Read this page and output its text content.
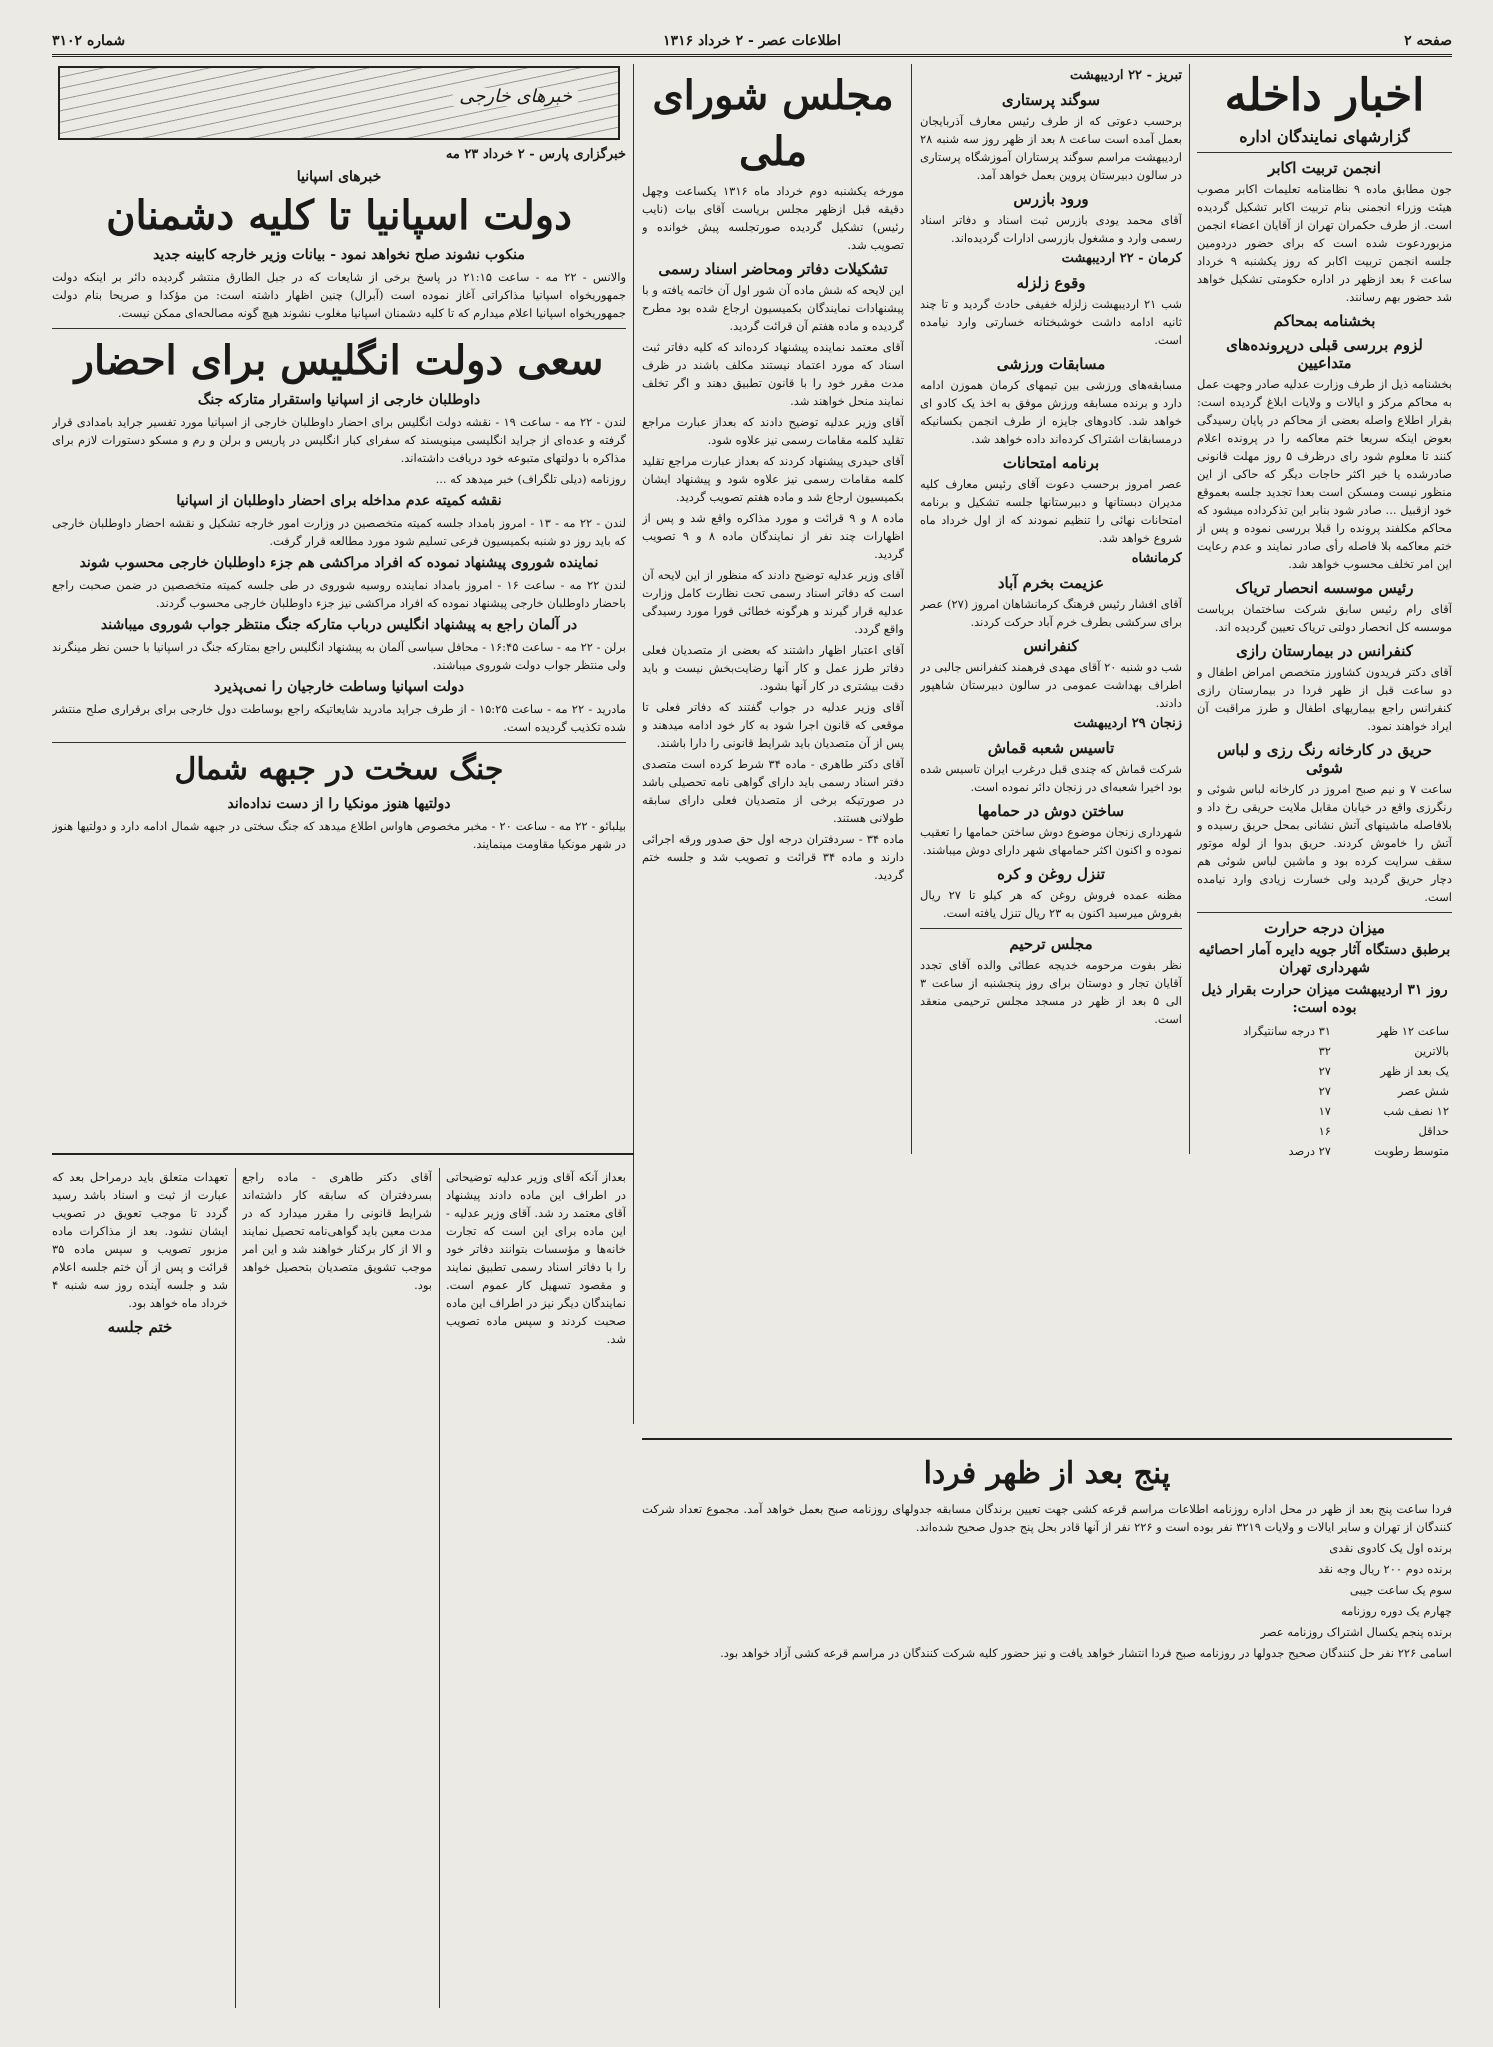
صفحه ۲
اطلاعات عصر - ۲ خرداد ۱۳۱۶
شماره ۳۱۰۲
اخبار داخله
گزارشهای نمایندگان اداره
انجمن تربیت اکابر

جون مطابق ماده ۹ نظامنامه تعلیمات اکابر مصوب هیئت وزراء انجمنی بنام تربیت اکابر تشکیل گردیده است. از طرف حکمران تهران از آقایان اعضاء انجمن مزبوردعوت شده است که برای حضور دردومین جلسه انجمن تربیت اکابر که روز یکشنبه ۹ خرداد ساعت ۶ بعد ازظهر در اداره حکومتی تشکیل خواهد شد حضور بهم رسانند.

بخشنامه بمحاکم
لزوم بررسی قبلی درپرونده‌های متداعیین

بخشنامه ذیل از طرف وزارت عدلیه صادر وجهت عمل به محاکم مرکز و ایالات و ولایات ابلاغ گردیده است: بقرار اطلاع واصله بعضی از محاکم در پایان رسیدگی بعوض اینکه سریعا ختم معاکمه را در پرونده اعلام کنند تا معلوم شود رای درظرف ۵ روز مهلت قانونی صادرشده یا خیر اکثر حاجات دیگر که حاکی از این منظور نیست ومسکن است بعدا تجدید جلسه بعموقع خود ازقبیل ... صادر شود بنابر این تذکرداده میشود که محاکم مکلفند پرونده را قبلا بررسی نموده و پس از ختم معاکمه بلا فاصله رأی صادر نمایند و عدم رعایت این امر تخلف محسوب خواهد شد.

رئیس موسسه انحصار تریاک

آقای رام رئیس سابق شرکت ساختمان بریاست موسسه کل انحصار دولتی تریاک تعیین گردیده اند.

کنفرانس در بیمارستان رازی

آقای دکتر فریدون کشاورز متخصص امراض اطفال و دو ساعت قبل از ظهر فردا در بیمارستان رازی کنفرانس راجع بیماریهای اطفال و طرز مراقبت آن ایراد خواهند نمود.

حریق در کارخانه رنگ رزی و لباس شوئی

ساعت ۷ و نیم صبح امروز در کارخانه لباس شوئی و رنگرزی واقع در خیابان مقابل ملایت حریقی رخ داد و بلافاصله ماشینهای آتش نشانی بمحل حریق رسیده و آتش را خاموش کردند. حریق بدوا از لوله موتور سقف سرایت کرده بود و ماشین لباس شوئی هم دچار حریق گردید ولی خسارت زیادی وارد نیامده است.

میزان درجه حرارت
برطبق دستگاه آثار جویه دایره آمار احصائیه شهرداری تهران
روز ۳۱ اردیبهشت میزان حرارت بقرار ذیل بوده است:
ساعت ۱۲ ظهر	۳۱ درجه سانتیگراد
بالاترین	۳۲
یک بعد از ظهر	۲۷
شش عصر	۲۷
۱۲ نصف شب	۱۷
حداقل	۱۶
متوسط رطوبت	۲۷ درصد
تبریز - ۲۲ اردیبهشت
سوگند پرستاری

برحسب دعوتی که از طرف رئیس معارف آذربایجان بعمل آمده است ساعت ۸ بعد از ظهر روز سه شنبه ۲۸ اردیبهشت مراسم سوگند پرستاران آموزشگاه پرستاری در سالون دبیرستان پروین بعمل خواهد آمد.

ورود بازرس

آقای محمد یودی بازرس ثبت اسناد و دفاتر اسناد رسمی وارد و مشغول بازرسی ادارات گردیده‌اند.

کرمان - ۲۲ اردیبهشت
وقوع زلزله

شب ۲۱ اردیبهشت زلزله خفیفی حادث گردید و تا چند ثانیه ادامه داشت خوشبختانه خسارتی وارد نیامده است.

مسابقات ورزشی

مسابقه‌های ورزشی بین تیمهای کرمان هموزن ادامه دارد و برنده مسابقه ورزش موفق به اخذ یک کادو ای خواهد شد. کادوهای جایزه از طرف انجمن بکسانیکه درمسابقات اشتراک کرده‌اند داده خواهد شد.

برنامه امتحانات

عصر امروز برحسب دعوت آقای رئیس معارف کلیه مدیران دبستانها و دبیرستانها جلسه تشکیل و برنامه امتحانات نهائی را تنظیم نمودند که از اول خرداد ماه شروع خواهد شد.

کرمانشاه
عزیمت بخرم آباد

آقای افشار رئیس فرهنگ کرمانشاهان امروز (۲۷) عصر برای سرکشی بطرف خرم آباد حرکت کردند.

کنفرانس

شب دو شنبه ۲۰ آقای مهدی فرهمند کنفرانس جالبی در اطراف بهداشت عمومی در سالون دبیرستان شاهپور دادند.

زنجان ۲۹ اردیبهشت
تاسیس شعبه قماش

شرکت قماش که چندی قبل درغرب ایران تاسیس شده بود اخیرا شعبه‌ای در زنجان دائر نموده است.

ساختن دوش در حمامها

شهرداری زنجان موضوع دوش ساختن حمامها را تعقیب نموده و اکنون اکثر حمامهای شهر دارای دوش میباشند.

تنزل روغن و کره

مظنه عمده فروش روغن که هر کیلو تا ۲۷ ریال بفروش میرسید اکنون به ۲۳ ریال تنزل یافته است.

مجلس ترحیم

نظر بفوت مرحومه خدیجه عطائی والده آقای تجدد آقایان تجار و دوستان برای روز پنجشنبه از ساعت ۳ الی ۵ بعد از ظهر در مسجد مجلس ترحیمی منعقد است.

مجلس شورای ملی

مورخه یکشنبه دوم خرداد ماه ۱۳۱۶ یکساعت وچهل دقیقه قبل ازظهر مجلس بریاست آقای بیات (نایب رئیس) تشکیل گردیده صورتجلسه پیش خوانده و تصویب شد.

تشکیلات دفاتر ومحاضر اسناد رسمی

این لایحه که شش ماده آن شور اول آن خاتمه یافته و با پیشنهادات نمایندگان بکمیسیون ارجاع شده بود مطرح گردیده و ماده هفتم آن قرائت گردید.

آقای معتمد نماینده پیشنهاد کرده‌اند که کلیه دفاتر ثبت اسناد که مورد اعتماد نیستند مکلف باشند در ظرف مدت مقرر خود را با قانون تطبیق دهند و اگر تخلف نمایند منحل خواهند شد.

آقای وزیر عدلیه توضیح دادند که بعداز عبارت مراجع تقلید کلمه مقامات رسمی نیز علاوه شود.

آقای حیدری پیشنهاد کردند که بعداز عبارت مراجع تقلید کلمه مقامات رسمی نیز علاوه شود و پیشنهاد ایشان بکمیسیون ارجاع شد و ماده هفتم تصویب گردید.

ماده ۸ و ۹ قرائت و مورد مذاکره واقع شد و پس از اظهارات چند نفر از نمایندگان ماده ۸ و ۹ تصویب گردید.

آقای وزیر عدلیه توضیح دادند که منظور از این لایحه آن است که دفاتر اسناد رسمی تحت نظارت کامل وزارت عدلیه قرار گیرند و هرگونه خطائی فورا مورد رسیدگی واقع گردد.

آقای اعتبار اظهار داشتند که بعضی از متصدیان فعلی دفاتر طرز عمل و کار آنها رضایت‌بخش نیست و باید دقت بیشتری در کار آنها بشود.

آقای وزیر عدلیه در جواب گفتند که دفاتر فعلی تا موقعی که قانون اجرا شود به کار خود ادامه میدهند و پس از آن متصدیان باید شرایط قانونی را دارا باشند.

آقای دکتر طاهری - ماده ۳۴ شرط کرده است متصدی دفتر اسناد رسمی باید دارای گواهی نامه تحصیلی باشد در صورتیکه برخی از متصدیان فعلی دارای سابقه طولانی هستند.

ماده ۳۴ - سردفتران درجه اول حق صدور ورقه اجرائی دارند و ماده ۳۴ قرائت و تصویب شد و جلسه ختم گردید.

خبرهای خارجی
خبرگزاری پارس - ۲ خرداد ۲۳ مه
خبرهای اسپانیا
دولت اسپانیا تا کلیه دشمنان
منکوب نشوند صلح نخواهد نمود - بیانات وزیر خارجه کابینه جدید

والانس - ۲۲ مه - ساعت ۲۱:۱۵ در پاسخ برخی از شایعات که در جبل الطارق منتشر گردیده دائر بر اینکه دولت جمهوریخواه اسپانیا مذاکراتی آغاز نموده است (آبرال) چنین اظهار داشته است: من مؤکدا و صریحا بنام دولت جمهوریخواه اسپانیا اعلام میدارم که تا کلیه دشمنان اسپانیا مغلوب نشوند هیچ گونه مصالحه‌ای ممکن نیست.

سعی دولت انگلیس برای احضار
داوطلبان خارجی از اسپانیا واستقرار متارکه جنگ

لندن - ۲۲ مه - ساعت ۱۹ - نقشه دولت انگلیس برای احضار داوطلبان خارجی از اسپانیا مورد تفسیر جراید بامدادی قرار گرفته و عده‌ای از جراید انگلیسی مینویسند که سفرای کبار انگلیس در پاریس و برلن و رم و مسکو دستورات لازم برای مذاکره با دولتهای متبوعه خود دریافت داشته‌اند.

روزنامه (دیلی تلگراف) خبر میدهد که ...

نقشه کمیته عدم مداخله برای احضار داوطلبان از اسپانیا

لندن - ۲۲ مه - ۱۳ - امروز بامداد جلسه کمیته متخصصین در وزارت امور خارجه تشکیل و نقشه احضار داوطلبان خارجی که باید روز دو شنبه بکمیسیون فرعی تسلیم شود مورد مطالعه قرار گرفت.

نماینده شوروی پیشنهاد نموده که افراد مراکشی هم جزء داوطلبان خارجی محسوب شوند

لندن ۲۲ مه - ساعت ۱۶ - امروز بامداد نماینده روسیه شوروی در طی جلسه کمیته متخصصین در ضمن صحبت راجع باحضار داوطلبان خارجی پیشنهاد نموده که افراد مراکشی نیز جزء داوطلبان خارجی محسوب گردند.

در آلمان راجع به پیشنهاد انگلیس درباب متارکه جنگ منتظر جواب شوروی میباشند

برلن - ۲۲ مه - ساعت ۱۶:۴۵ - محافل سیاسی آلمان به پیشنهاد انگلیس راجع بمتارکه جنگ در اسپانیا با حسن نظر مینگرند ولی منتظر جواب دولت شوروی میباشند.

دولت اسپانیا وساطت خارجیان را نمی‌پذیرد

مادرید - ۲۲ مه - ساعت ۱۵:۲۵ - از طرف جراید مادرید شایعاتیکه راجع بوساطت دول خارجی برای برقراری صلح منتشر شده تکذیب گردیده است.

جنگ سخت در جبهه شمال
دولتیها هنوز مونکیا را از دست نداده‌اند

بیلبائو - ۲۲ مه - ساعت ۲۰ - مخبر مخصوص هاواس اطلاع میدهد که جنگ سختی در جبهه شمال ادامه دارد و دولتیها هنوز در شهر مونکیا مقاومت مینمایند.

بعداز آنکه آقای وزیر عدلیه توضیحاتی در اطراف این ماده دادند پیشنهاد آقای معتمد رد شد. آقای وزیر عدلیه - این ماده برای این است که تجارت خانه‌ها و مؤسسات بتوانند دفاتر خود را با دفاتر اسناد رسمی تطبیق نمایند و مقصود تسهیل کار عموم است. نمایندگان دیگر نیز در اطراف این ماده صحبت کردند و سپس ماده تصویب شد.

آقای دکتر طاهری - ماده راجع بسردفتران که سابقه کار داشته‌اند شرایط قانونی را مقرر میدارد که در مدت معین باید گواهی‌نامه تحصیل نمایند و الا از کار برکنار خواهند شد و این امر موجب تشویق متصدیان بتحصیل خواهد بود.

تعهدات متعلق باید درمراحل بعد که عبارت از ثبت و اسناد باشد رسید گردد تا موجب تعویق در تصویب ایشان نشود. بعد از مذاکرات ماده مزبور تصویب و سپس ماده ۳۵ قرائت و پس از آن ختم جلسه اعلام شد و جلسه آینده روز سه شنبه ۴ خرداد ماه خواهد بود.

ختم جلسه
پنج بعد از ظهر فردا

فردا ساعت پنج بعد از ظهر در محل اداره روزنامه اطلاعات مراسم قرعه کشی جهت تعیین برندگان مسابقه جدولهای روزنامه صبح بعمل خواهد آمد. مجموع تعداد شرکت کنندگان از تهران و سایر ایالات و ولایات ۳۲۱۹ نفر بوده است و ۲۲۶ نفر از آنها قادر بحل پنج جدول صحیح شده‌اند.

برنده اول یک کادوی نقدی

برنده دوم ۲۰۰ ریال وجه نقد

سوم یک ساعت جیبی

چهارم یک دوره روزنامه

برنده پنجم یکسال اشتراک روزنامه عصر

اسامی ۲۲۶ نفر حل کنندگان صحیح جدولها در روزنامه صبح فردا انتشار خواهد یافت و نیز حضور کلیه شرکت کنندگان در مراسم قرعه کشی آزاد خواهد بود.
